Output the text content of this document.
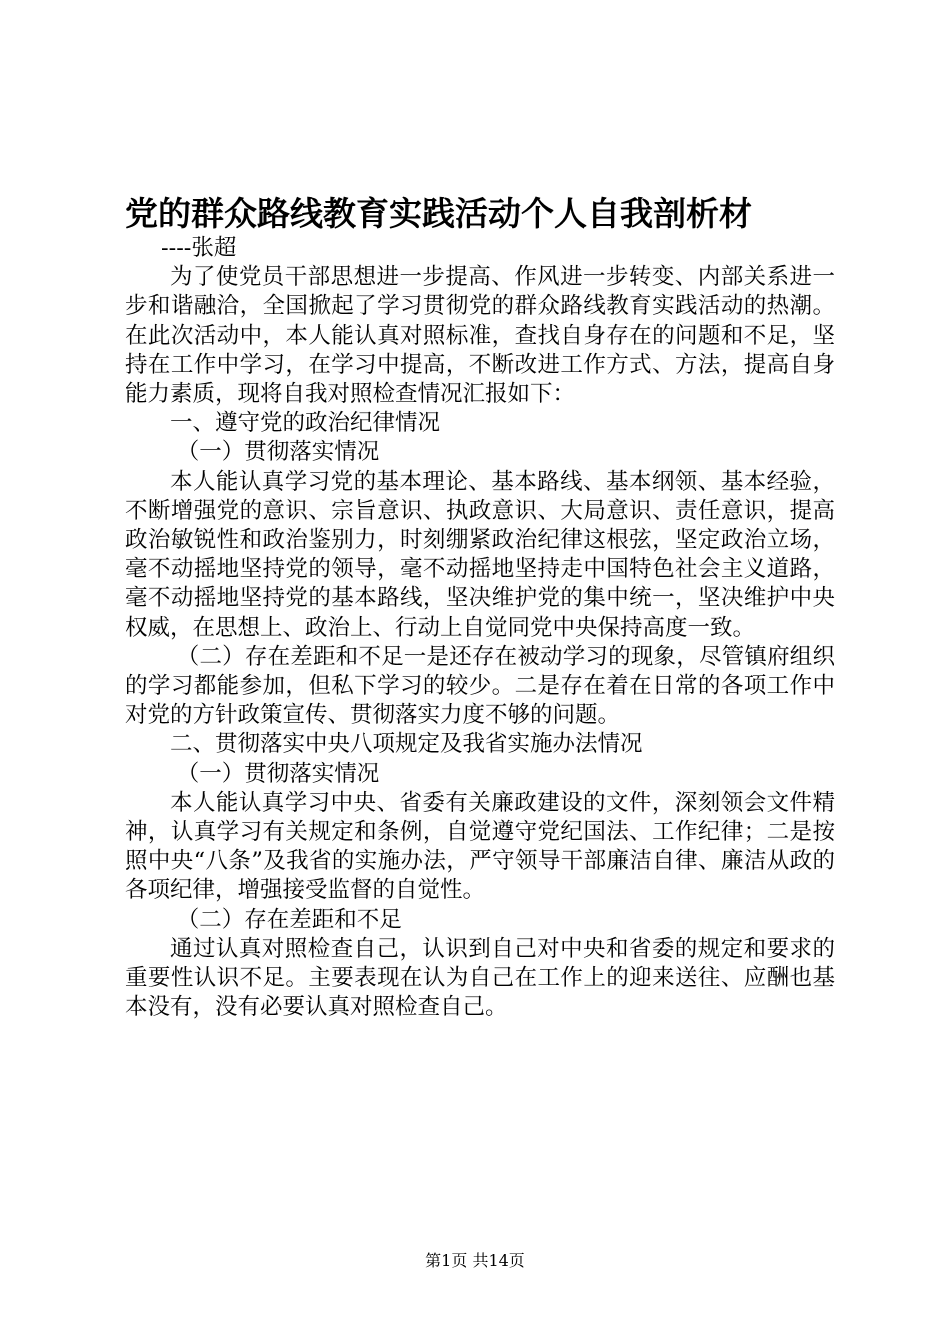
党的群众路线教育实践活动个人自我剖析材

----张超

为了使党员干部思想进一步提高、作风进一步转变、内部关系进一步和谐融洽，全国掀起了学习贯彻党的群众路线教育实践活动的热潮。在此次活动中，本人能认真对照标准，查找自身存在的问题和不足，坚持在工作中学习，在学习中提高，不断改进工作方式、方法，提高自身能力素质，现将自我对照检查情况汇报如下：

一、遵守党的政治纪律情况

（一）贯彻落实情况

本人能认真学习党的基本理论、基本路线、基本纲领、基本经验，不断增强党的意识、宗旨意识、执政意识、大局意识、责任意识，提高政治敏锐性和政治鉴别力，时刻绷紧政治纪律这根弦，坚定政治立场，毫不动摇地坚持党的领导，毫不动摇地坚持走中国特色社会主义道路，毫不动摇地坚持党的基本路线，坚决维护党的集中统一，坚决维护中央权威，在思想上、政治上、行动上自觉同党中央保持高度一致。

（二）存在差距和不足一是还存在被动学习的现象，尽管镇府组织的学习都能参加，但私下学习的较少。二是存在着在日常的各项工作中对党的方针政策宣传、贯彻落实力度不够的问题。

二、贯彻落实中央八项规定及我省实施办法情况

（一）贯彻落实情况

本人能认真学习中央、省委有关廉政建设的文件，深刻领会文件精神，认真学习有关规定和条例，自觉遵守党纪国法、工作纪律；二是按照中央“八条”及我省的实施办法，严守领导干部廉洁自律、廉洁从政的各项纪律，增强接受监督的自觉性。

（二）存在差距和不足

通过认真对照检查自己，认识到自己对中央和省委的规定和要求的重要性认识不足。主要表现在认为自己在工作上的迎来送往、应酬也基本没有，没有必要认真对照检查自己。

第1页 共14页
